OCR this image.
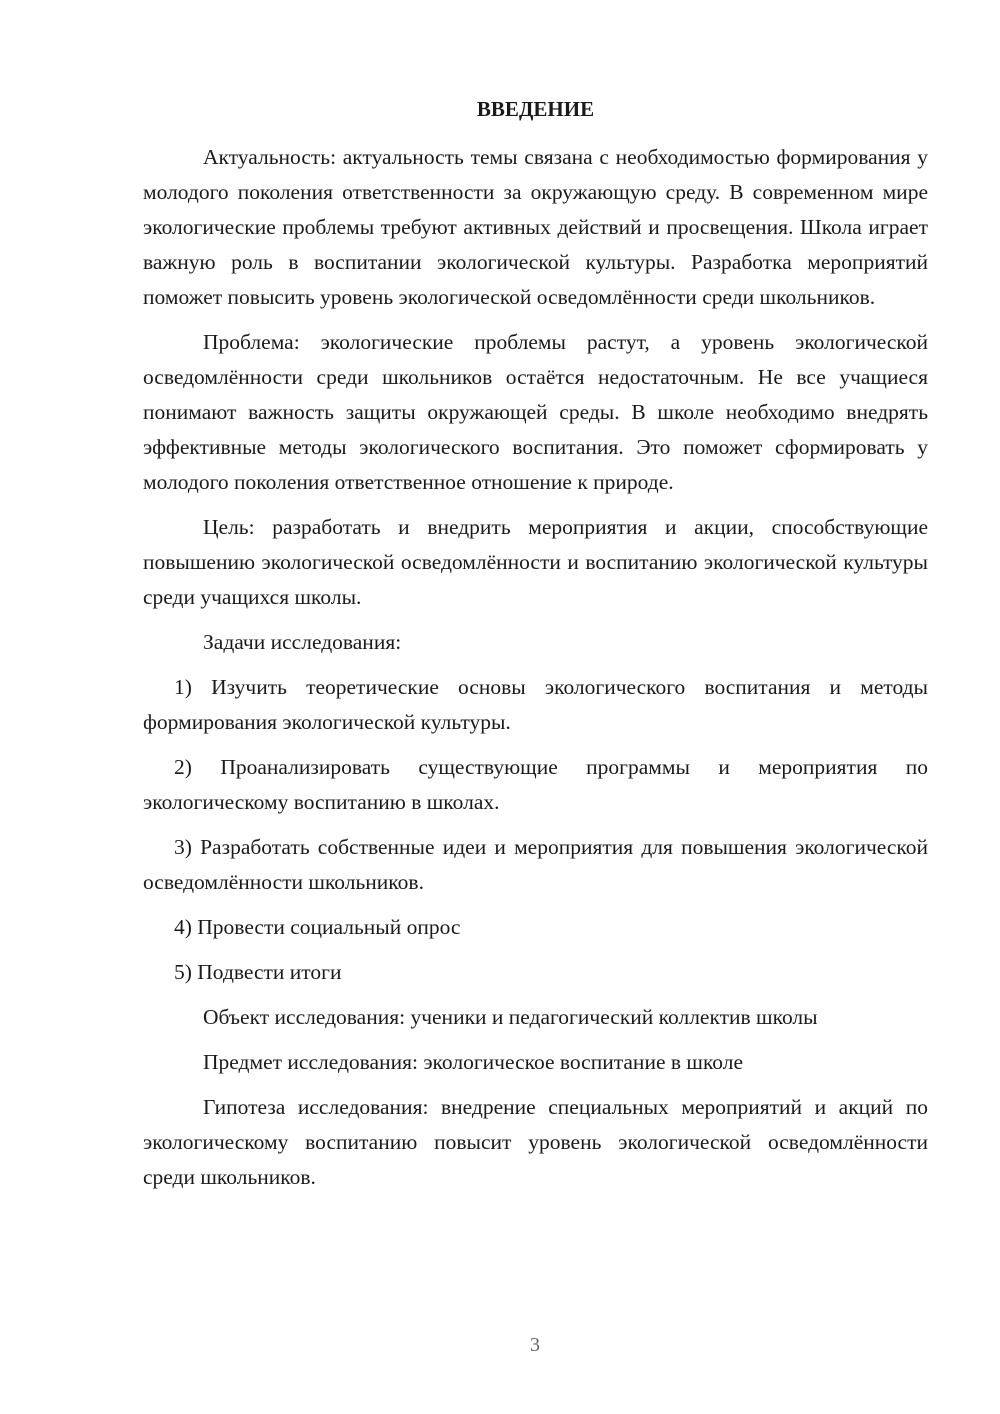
ВВЕДЕНИЕ

Актуальность: актуальность темы связана с необходимостью формирования у молодого поколения ответственности за окружающую среду. В современном мире экологические проблемы требуют активных действий и просвещения. Школа играет важную роль в воспитании экологической культуры. Разработка мероприятий поможет повысить уровень экологической осведомлённости среди школьников.

Проблема: экологические проблемы растут, а уровень экологической осведомлённости среди школьников остаётся недостаточным. Не все учащиеся понимают важность защиты окружающей среды. В школе необходимо внедрять эффективные методы экологического воспитания. Это поможет сформировать у молодого поколения ответственное отношение к природе.

Цель: разработать и внедрить мероприятия и акции, способствующие повышению экологической осведомлённости и воспитанию экологической культуры среди учащихся школы.

Задачи исследования:

1) Изучить теоретические основы экологического воспитания и методы формирования экологической культуры.

2) Проанализировать существующие программы и мероприятия по экологическому воспитанию в школах.

3) Разработать собственные идеи и мероприятия для повышения экологической осведомлённости школьников.

4) Провести социальный опрос

5) Подвести итоги

Объект исследования: ученики и педагогический коллектив школы

Предмет исследования: экологическое воспитание в школе

Гипотеза исследования: внедрение специальных мероприятий и акций по экологическому воспитанию повысит уровень экологической осведомлённости среди школьников.

3
